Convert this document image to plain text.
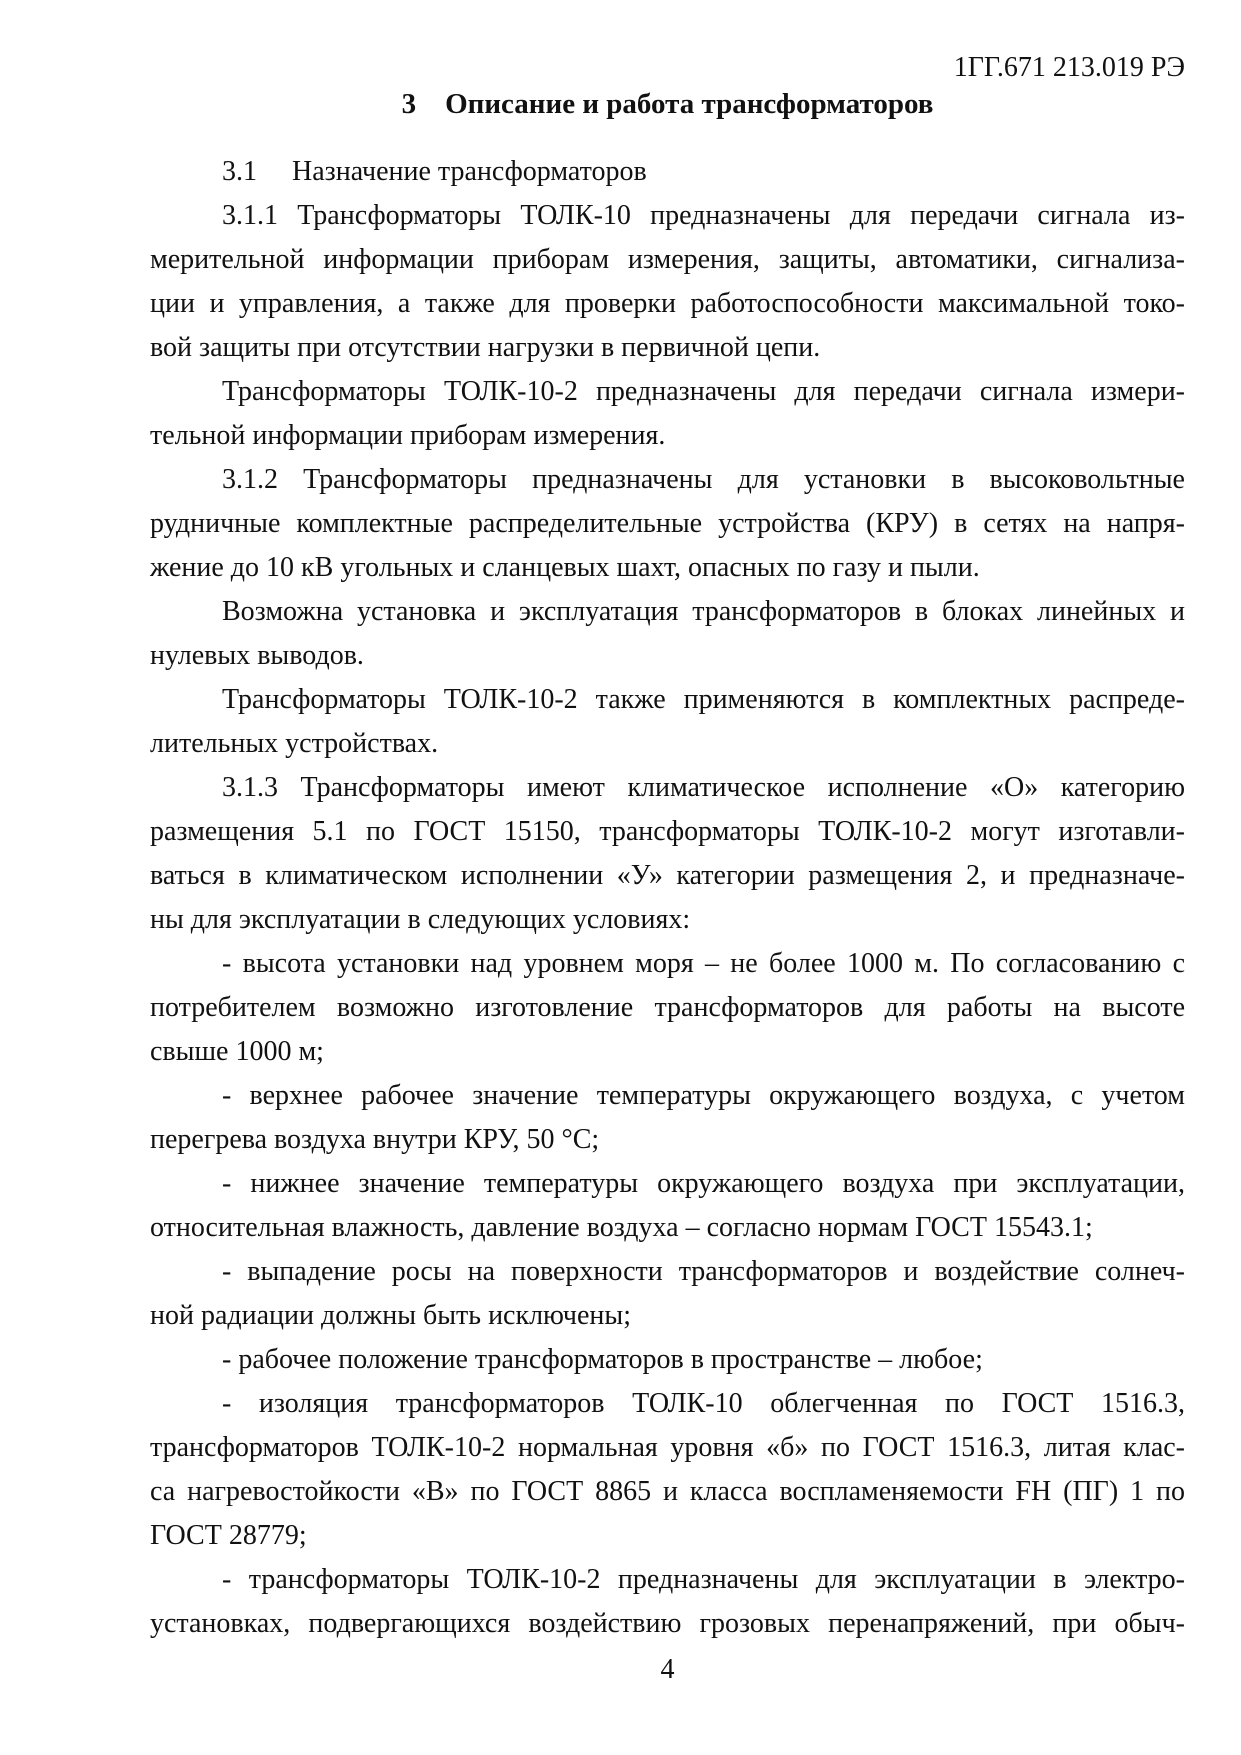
1ГГ.671 213.019 РЭ
3 Описание и работа трансформаторов
3.1  Назначение трансформаторов
3.1.1 Трансформаторы ТОЛК-10 предназначены для передачи сигнала из-
мерительной информации приборам измерения, защиты, автоматики, сигнализа-
ции и управления, а также для проверки работоспособности максимальной токо-
вой защиты при отсутствии нагрузки в первичной цепи.
Трансформаторы ТОЛК-10-2 предназначены для передачи сигнала измери-
тельной информации приборам измерения.
3.1.2 Трансформаторы предназначены для установки в высоковольтные
рудничные комплектные распределительные устройства (КРУ) в сетях на напря-
жение до 10 кВ угольных и сланцевых шахт, опасных по газу и пыли.
Возможна установка и эксплуатация трансформаторов в блоках линейных и
нулевых выводов.
Трансформаторы ТОЛК-10-2 также применяются в комплектных распреде-
лительных устройствах.
3.1.3 Трансформаторы имеют климатическое исполнение «О» категорию
размещения 5.1 по ГОСТ 15150, трансформаторы ТОЛК-10-2 могут изготавли-
ваться в климатическом исполнении «У» категории размещения 2, и предназначе-
ны для эксплуатации в следующих условиях:
- высота установки над уровнем моря – не более 1000 м. По согласованию с
потребителем возможно изготовление трансформаторов для работы на высоте
свыше 1000 м;
- верхнее рабочее значение температуры окружающего воздуха, с учетом
перегрева воздуха внутри КРУ, 50 °С;
- нижнее значение температуры окружающего воздуха при эксплуатации,
относительная влажность, давление воздуха – согласно нормам ГОСТ 15543.1;
- выпадение росы на поверхности трансформаторов и воздействие солнеч-
ной радиации должны быть исключены;
- рабочее положение трансформаторов в пространстве – любое;
- изоляция трансформаторов ТОЛК-10 облегченная по ГОСТ 1516.3,
трансформаторов ТОЛК-10-2 нормальная уровня «б» по ГОСТ 1516.3, литая клас-
са нагревостойкости «В» по ГОСТ 8865 и класса воспламеняемости FH (ПГ) 1 по
ГОСТ 28779;
- трансформаторы ТОЛК-10-2 предназначены для эксплуатации в электро-
установках, подвергающихся воздействию грозовых перенапряжений, при обыч-
4
